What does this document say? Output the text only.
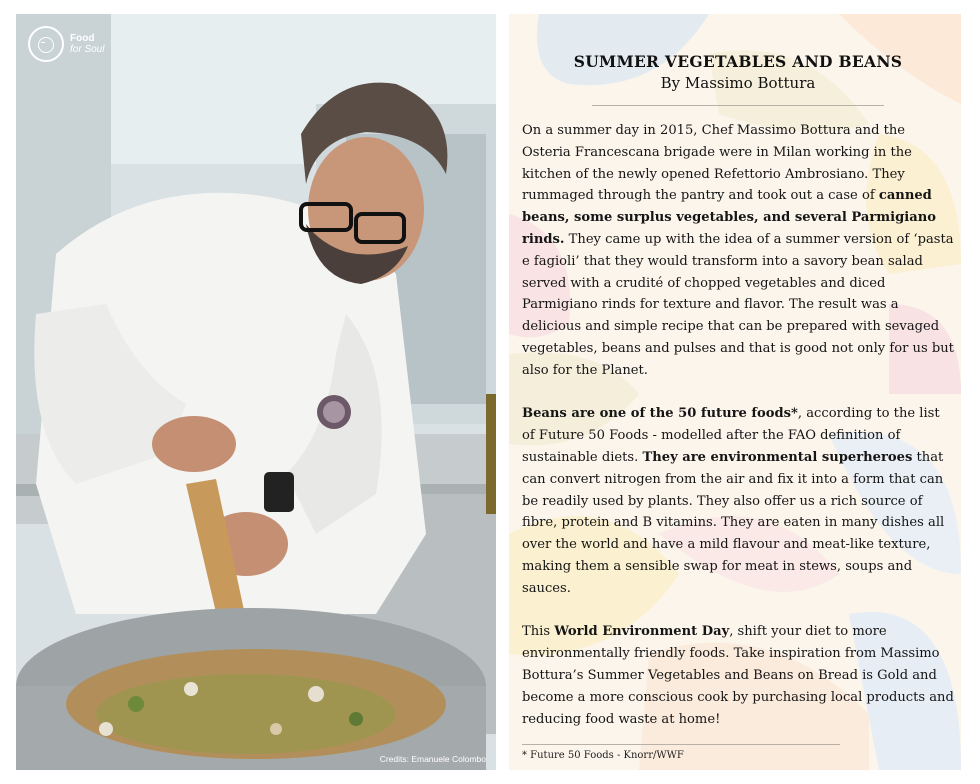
Food
for Soul
Credits: Emanuele Colombo
SUMMER VEGETABLES AND BEANS
By Massimo Bottura

On a summer day in 2015, Chef Massimo Bottura and the Osteria Francescana brigade were in Milan working in the kitchen of the newly opened Refettorio Ambrosiano. They rummaged through the pantry and took out a case of canned beans, some surplus vegetables, and several Parmigiano rinds. They came up with the idea of a summer version of ‘pasta e fagioli’ that they would transform into a savory bean salad served with a crudité of chopped vegetables and diced Parmigiano rinds for texture and flavor. The result was a delicious and simple recipe that can be prepared with sevaged vegetables, beans and pulses and that is good not only for us but also for the Planet.

Beans are one of the 50 future foods*, according to the list of Future 50 Foods - modelled after the FAO definition of sustainable diets. They are environmental superheroes that can convert nitrogen from the air and fix it into a form that can be readily used by plants. They also offer us a rich source of fibre, protein and B vitamins. They are eaten in many dishes all over the world and have a mild flavour and meat-like texture, making them a sensible swap for meat in stews, soups and sauces.

This World Environment Day, shift your diet to more environmentally friendly foods. Take inspiration from Massimo Bottura’s Summer Vegetables and Beans on Bread is Gold and become a more conscious cook by purchasing local products and reducing food waste at home!

* Future 50 Foods - Knorr/WWF
